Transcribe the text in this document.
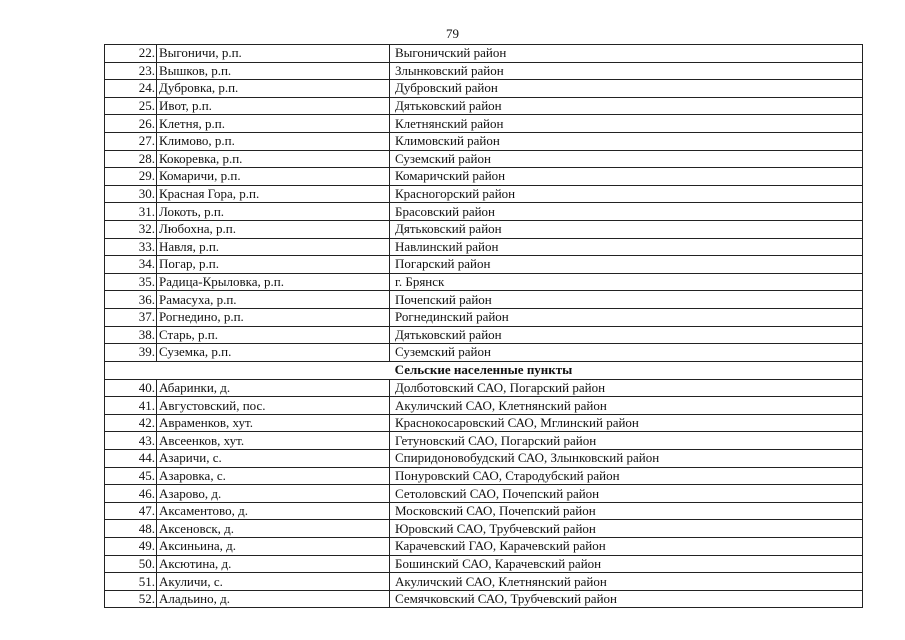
79
22.	Выгоничи, р.п.	Выгоничский район
23.	Вышков, р.п.	Злынковский район
24.	Дубровка, р.п.	Дубровский район
25.	Ивот, р.п.	Дятьковский район
26.	Клетня, р.п.	Клетнянский район
27.	Климово, р.п.	Климовский район
28.	Кокоревка, р.п.	Суземский район
29.	Комаричи, р.п.	Комаричский район
30.	Красная Гора, р.п.	Красногорский район
31.	Локоть, р.п.	Брасовский район
32.	Любохна, р.п.	Дятьковский район
33.	Навля, р.п.	Навлинский район
34.	Погар, р.п.	Погарский район
35.	Радица-Крыловка, р.п.	г. Брянск
36.	Рамасуха, р.п.	Почепский район
37.	Рогнедино, р.п.	Рогнединский район
38.	Старь, р.п.	Дятьковский район
39.	Суземка, р.п.	Суземский район
Сельские населенные пункты		
40.	Абаринки, д.	Долботовский САО, Погарский район
41.	Августовский, пос.	Акуличский САО, Клетнянский район
42.	Авраменков, хут.	Краснокосаровский САО, Мглинский район
43.	Авсеенков, хут.	Гетуновский САО, Погарский район
44.	Азаричи, с.	Спиридоновобудский САО, Злынковский район
45.	Азаровка, с.	Понуровский САО, Стародубский район
46.	Азарово, д.	Сетоловский САО, Почепский район
47.	Аксаментово, д.	Московский САО, Почепский район
48.	Аксеновск, д.	Юровский САО, Трубчевский район
49.	Аксиньина, д.	Карачевский ГАО, Карачевский район
50.	Аксютина, д.	Бошинский САО, Карачевский район
51.	Акуличи, с.	Акуличский САО, Клетнянский район
52.	Аладьино, д.	Семячковский САО, Трубчевский район
